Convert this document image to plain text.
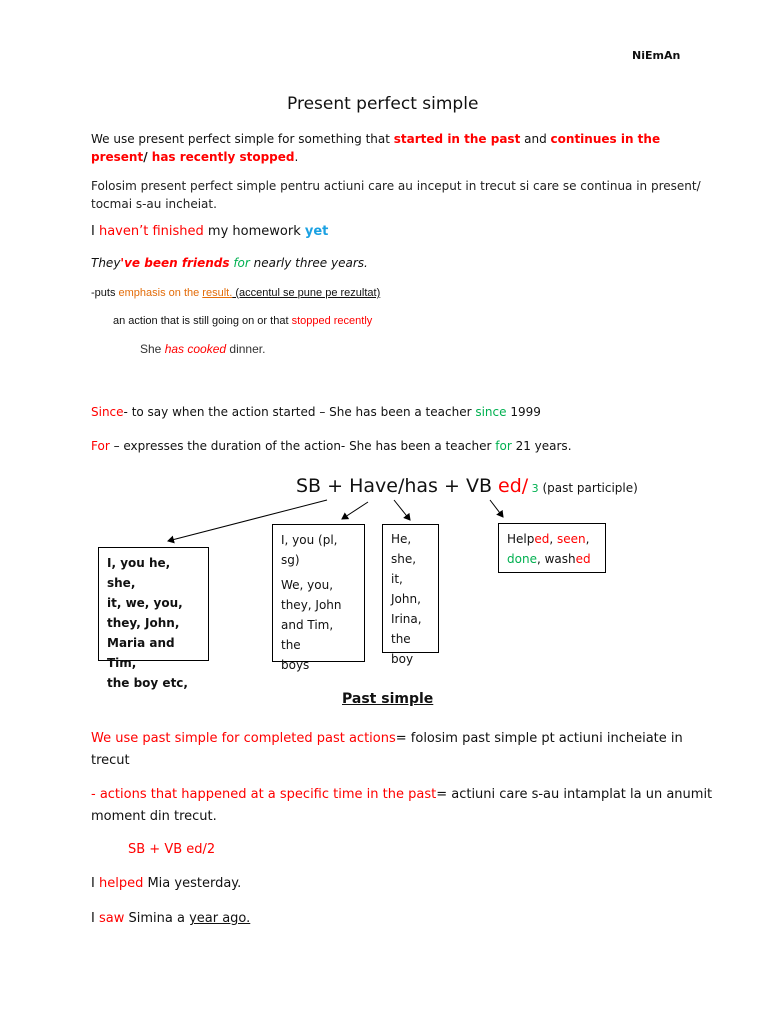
NiEmAn
Present perfect simple
We use present perfect simple for something that started in the past and continues in the
present/ has recently stopped.
Folosim present perfect simple pentru actiuni care au inceput in trecut si care se continua in present/
tocmai s-au incheiat.
I haven’t finished my homework yet
They've been friends for nearly three years.
-puts emphasis on the result. (accentul se pune pe rezultat)
an action that is still going on or that stopped recently
She has cooked dinner.
Since- to say when the action started – She has been a teacher since 1999
For – expresses the duration of the action- She has been a teacher for 21 years.
SB + Have/has + VB ed/ 3 (past participle)
I, you he, she,
it, we, you,
they, John,
Maria and Tim,
the boy etc,
I, you (pl, sg)
We, you,
they, John
and Tim, the
boys
He,
she, it,
John,
Irina,
the
boy
Helped, seen,
done, washed
Past simple
We use past simple for completed past actions= folosim past simple pt actiuni incheiate in
trecut
- actions that happened at a specific time in the past= actiuni care s-au intamplat la un anumit
moment din trecut.
SB + VB ed/2
I helped Mia yesterday.
I saw Simina a year ago.
